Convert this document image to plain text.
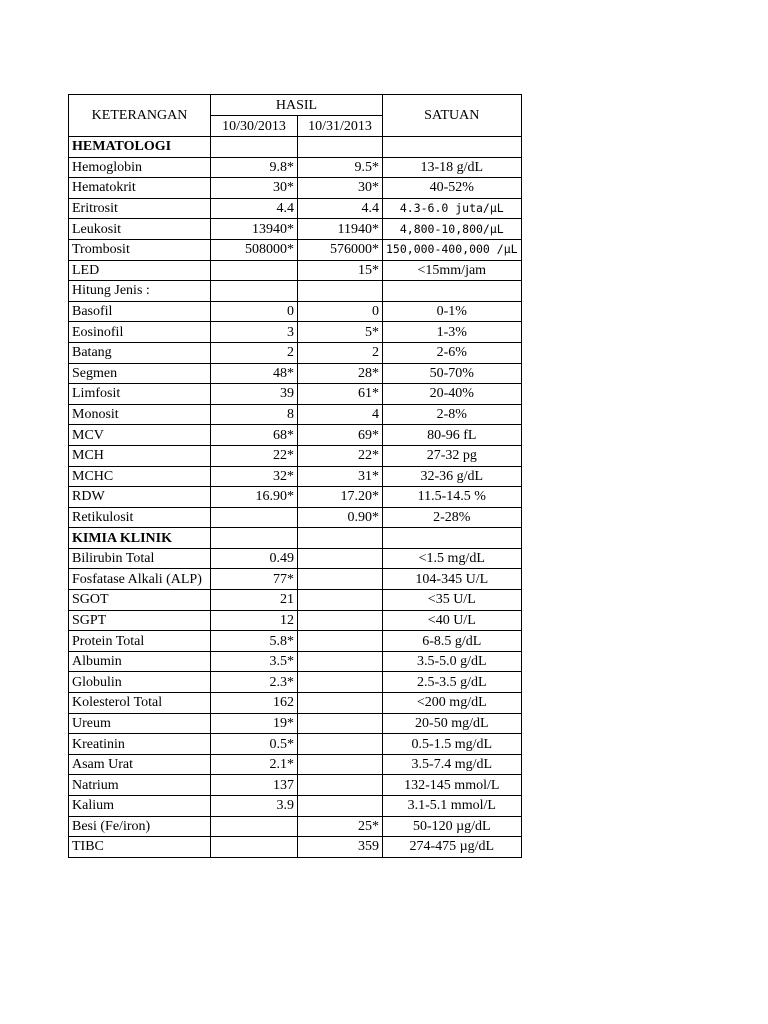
KETERANGAN	HASIL		SATUAN
	10/30/2013	10/31/2013	
HEMATOLOGI			
Hemoglobin	9.8*	9.5*	13-18 g/dL
Hematokrit	30*	30*	40-52%
Eritrosit	4.4	4.4	4.3-6.0 juta/µL
Leukosit	13940*	11940*	4,800-10,800/µL
Trombosit	508000*	576000*	150,000-400,000 /µL
LED		15*	<15mm/jam
Hitung Jenis :			
Basofil	0	0	0-1%
Eosinofil	3	5*	1-3%
Batang	2	2	2-6%
Segmen	48*	28*	50-70%
Limfosit	39	61*	20-40%
Monosit	8	4	2-8%
MCV	68*	69*	80-96 fL
MCH	22*	22*	27-32 pg
MCHC	32*	31*	32-36 g/dL
RDW	16.90*	17.20*	11.5-14.5 %
Retikulosit		0.90*	2-28%
KIMIA KLINIK			
Bilirubin Total	0.49		<1.5 mg/dL
Fosfatase Alkali (ALP)	77*		104-345 U/L
SGOT	21		<35 U/L
SGPT	12		<40 U/L
Protein Total	5.8*		6-8.5 g/dL
Albumin	3.5*		3.5-5.0 g/dL
Globulin	2.3*		2.5-3.5 g/dL
Kolesterol Total	162		<200 mg/dL
Ureum	19*		20-50 mg/dL
Kreatinin	0.5*		0.5-1.5 mg/dL
Asam Urat	2.1*		3.5-7.4 mg/dL
Natrium	137		132-145 mmol/L
Kalium	3.9		3.1-5.1 mmol/L
Besi (Fe/iron)		25*	50-120 µg/dL
TIBC		359	274-475 µg/dL
